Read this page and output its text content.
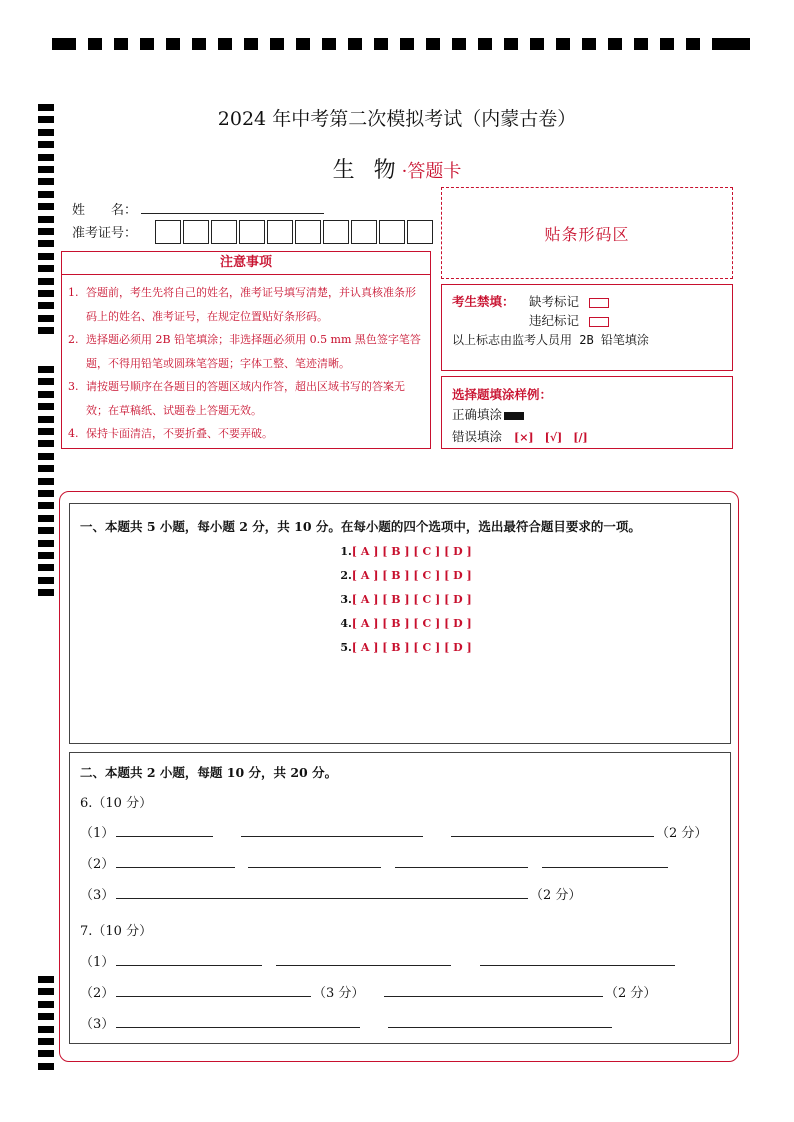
2024 年中考第二次模拟考试（内蒙古卷）
生 物·答题卡
姓　　名：
准考证号：	贴条形码区
注意事项
1. 答题前，考生先将自己的姓名，准考证号填写清楚，并认真核准条形码上的姓名、准考证号，在规定位置贴好条形码。
2. 选择题必须用 2B 铅笔填涂；非选择题必须用 0.5 mm 黑色签字笔答题，不得用铅笔或圆珠笔答题；字体工整、笔迹清晰。
3. 请按题号顺序在各题目的答题区域内作答，超出区域书写的答案无效；在草稿纸、试题卷上答题无效。
4. 保持卡面清洁，不要折叠、不要弄破。
考生禁填： 缺考标记
违纪标记
以上标志由监考人员用 2B 铅笔填涂
选择题填涂样例：
正确填涂
错误填涂 [×]　[√]　[/]
一、本题共 5 小题，每小题 2 分，共 10 分。在每小题的四个选项中，选出最符合题目要求的一项。
1.[ A ] [ B ] [ C ] [ D ]
2.[ A ] [ B ] [ C ] [ D ]
3.[ A ] [ B ] [ C ] [ D ]
4.[ A ] [ B ] [ C ] [ D ]
5.[ A ] [ B ] [ C ] [ D ]
二、本题共 2 小题，每题 10 分，共 20 分。
6.（10 分）
（1）	（2 分）
（2）
（3）	（2 分）
7.（10 分）
（1）
（2）	（3 分）	（2 分）
（3）
